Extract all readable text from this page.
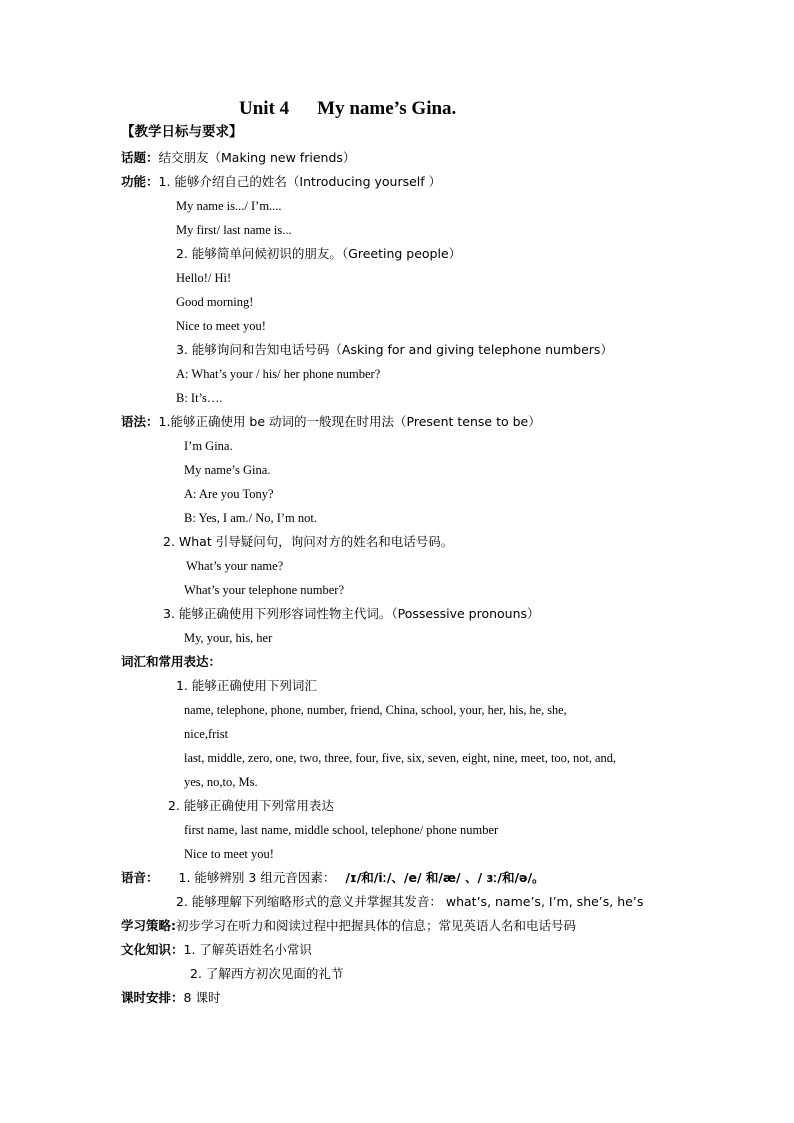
Unit 4 My name’s Gina.
【教学日标与要求】
话题：结交朋友（Making new friends）
功能：1. 能够介绍自己的姓名（Introducing yourself ）
My name is.../ I’m....
My first/ last name is...
2. 能够简单问候初识的朋友。（Greeting people）
Hello!/ Hi!
Good morning!
Nice to meet you!
3. 能够询问和告知电话号码（Asking for and giving telephone numbers）
A: What’s your / his/ her phone number?
B: It’s….
语法：1.能够正确使用 be 动词的一般现在时用法（Present tense to be）
I’m Gina.
My name’s Gina.
A: Are you Tony?
B: Yes, I am./ No, I’m not.
2. What 引导疑问句，询问对方的姓名和电话号码。
What’s your name?
What’s your telephone number?
3. 能够正确使用下列形容词性物主代词。（Possessive pronouns）
My, your, his, her
词汇和常用表达：
1. 能够正确使用下列词汇
name, telephone, phone, number, friend, China, school, your, her, his, he, she,
nice,frist
last, middle, zero, one, two, three, four, five, six, seven, eight, nine, meet, too, not, and,
yes, no,to, Ms.
2. 能够正确使用下列常用表达
first name, last name, middle school, telephone/ phone number
Nice to meet you!
语音： 1. 能够辨别 3 组元音因素： /ɪ/和/iː/、/e/ 和/æ/ 、/ ɜː/和/ə/。
2. 能够理解下列缩略形式的意义并掌握其发音： what’s, name’s, I’m, she’s, he’s
学习策略:初步学习在听力和阅读过程中把握具体的信息；常见英语人名和电话号码
文化知识：1. 了解英语姓名小常识
2. 了解西方初次见面的礼节
课时安排：8 课时
